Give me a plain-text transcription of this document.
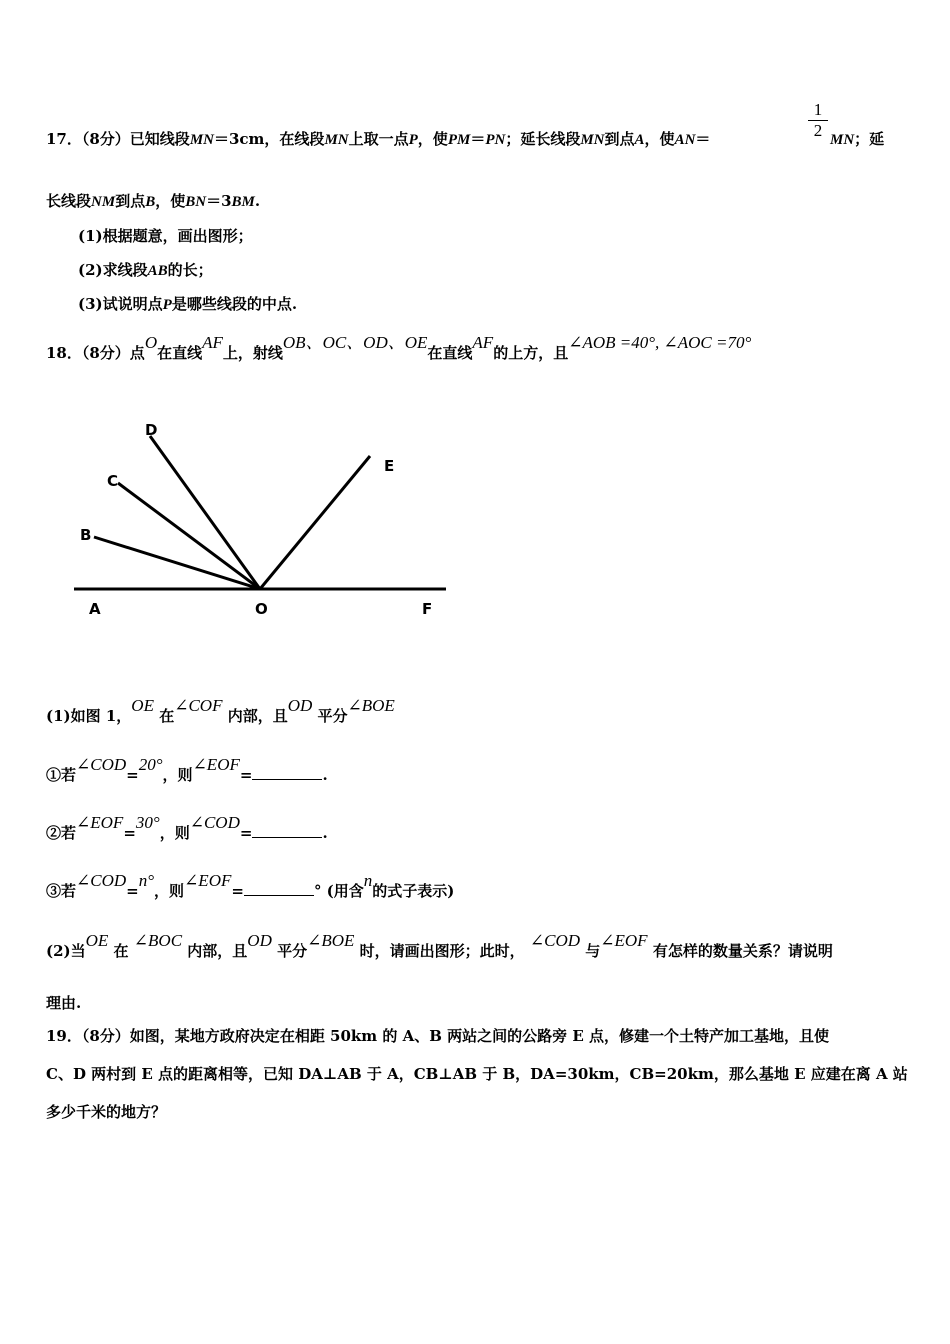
$\frac{1}{2}$
17．（8分）已知线段MN＝3cm，在线段MN上取一点P，使PM＝PN；延长线段MN到点A，使AN＝	MN；延
长线段NM到点B，使BN＝3BM.
(1)根据题意，画出图形；
(2)求线段AB的长；
(3)试说明点P是哪些线段的中点.
18．（8分）点O在直线AF上，射线OB、OC、OD、OE在直线AF的上方，且∠AOB =40°, ∠AOC =70°
D
C
B
E
A	O	F
(1)如图 1，OE 在∠COF 内部，且OD 平分∠BOE
①若∠COD=20°，则∠EOF=	.
②若∠EOF=30°，则∠COD=	.
③若∠COD=n°，则∠EOF=	° (用含n的式子表示)
(2)当OE 在 ∠BOC 内部，且OD 平分∠BOE 时，请画出图形；此时， ∠COD 与∠EOF 有怎样的数量关系？请说明
理由.
19．（8分）如图，某地方政府决定在相距 50km 的 A、B 两站之间的公路旁 E 点，修建一个土特产加工基地，且使
C、D 两村到 E 点的距离相等，已知 DA⊥AB 于 A，CB⊥AB 于 B，DA=30km，CB=20km，那么基地 E 应建在离 A 站
多少千米的地方？
